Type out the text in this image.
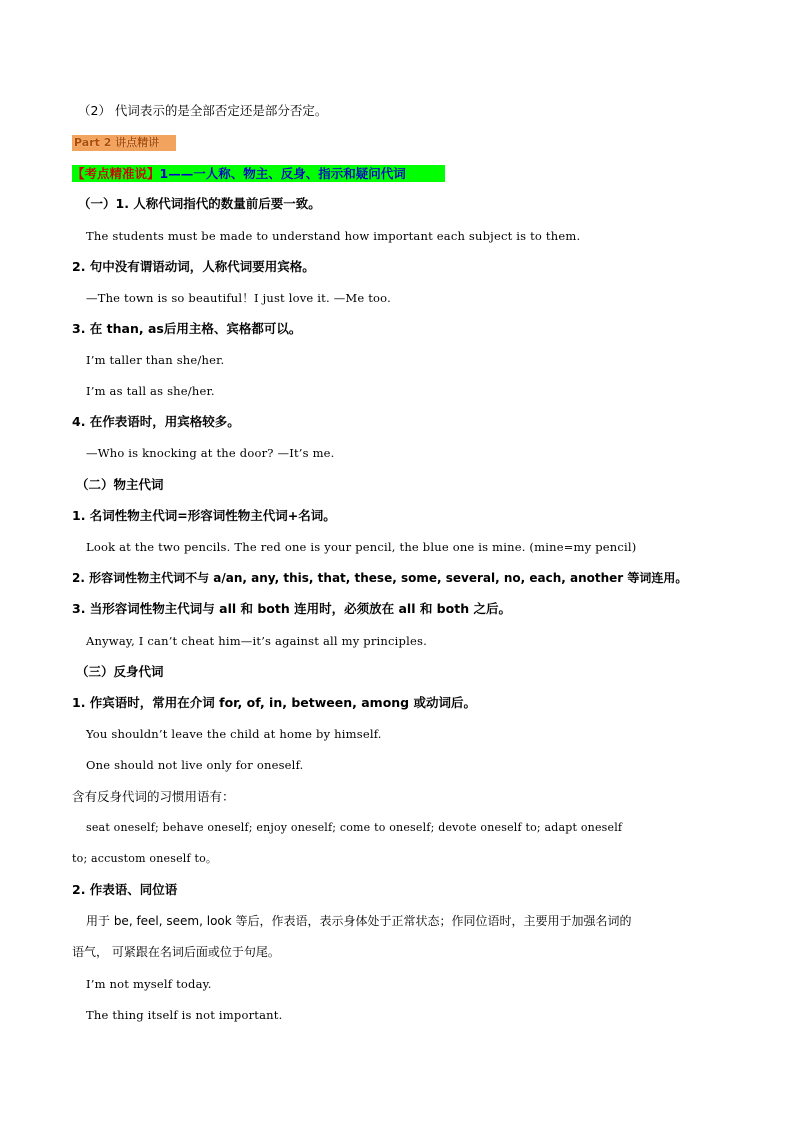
（2） 代词表示的是全部否定还是部分否定。
Part 2 讲点精讲
【考点精准说】1——一人称、物主、反身、指示和疑问代词
（一）1. 人称代词指代的数量前后要一致。
The students must be made to understand how important each subject is to them.
2. 句中没有谓语动词，人称代词要用宾格。
—The town is so beautiful！I just love it. —Me too.
3. 在 than, as后用主格、宾格都可以。
I’m taller than she/her.
I’m as tall as she/her.
4. 在作表语时，用宾格较多。
—Who is knocking at the door? —It’s me.
（二）物主代词
1. 名词性物主代词=形容词性物主代词+名词。
Look at the two pencils. The red one is your pencil, the blue one is mine. (mine=my pencil)
2. 形容词性物主代词不与 a/an, any, this, that, these, some, several, no, each, another 等词连用。
3. 当形容词性物主代词与 all 和 both 连用时，必须放在 all 和 both 之后。
Anyway, I can’t cheat him—it’s against all my principles.
（三）反身代词
1. 作宾语时，常用在介词 for, of, in, between, among 或动词后。
You shouldn’t leave the child at home by himself.
One should not live only for oneself.
含有反身代词的习惯用语有：
seat oneself; behave oneself; enjoy oneself; come to oneself; devote oneself to; adapt oneself
to; accustom oneself to。
2. 作表语、同位语
用于 be, feel, seem, look 等后，作表语，表示身体处于正常状态；作同位语时，主要用于加强名词的
语气， 可紧跟在名词后面或位于句尾。
I’m not myself today.
The thing itself is not important.
